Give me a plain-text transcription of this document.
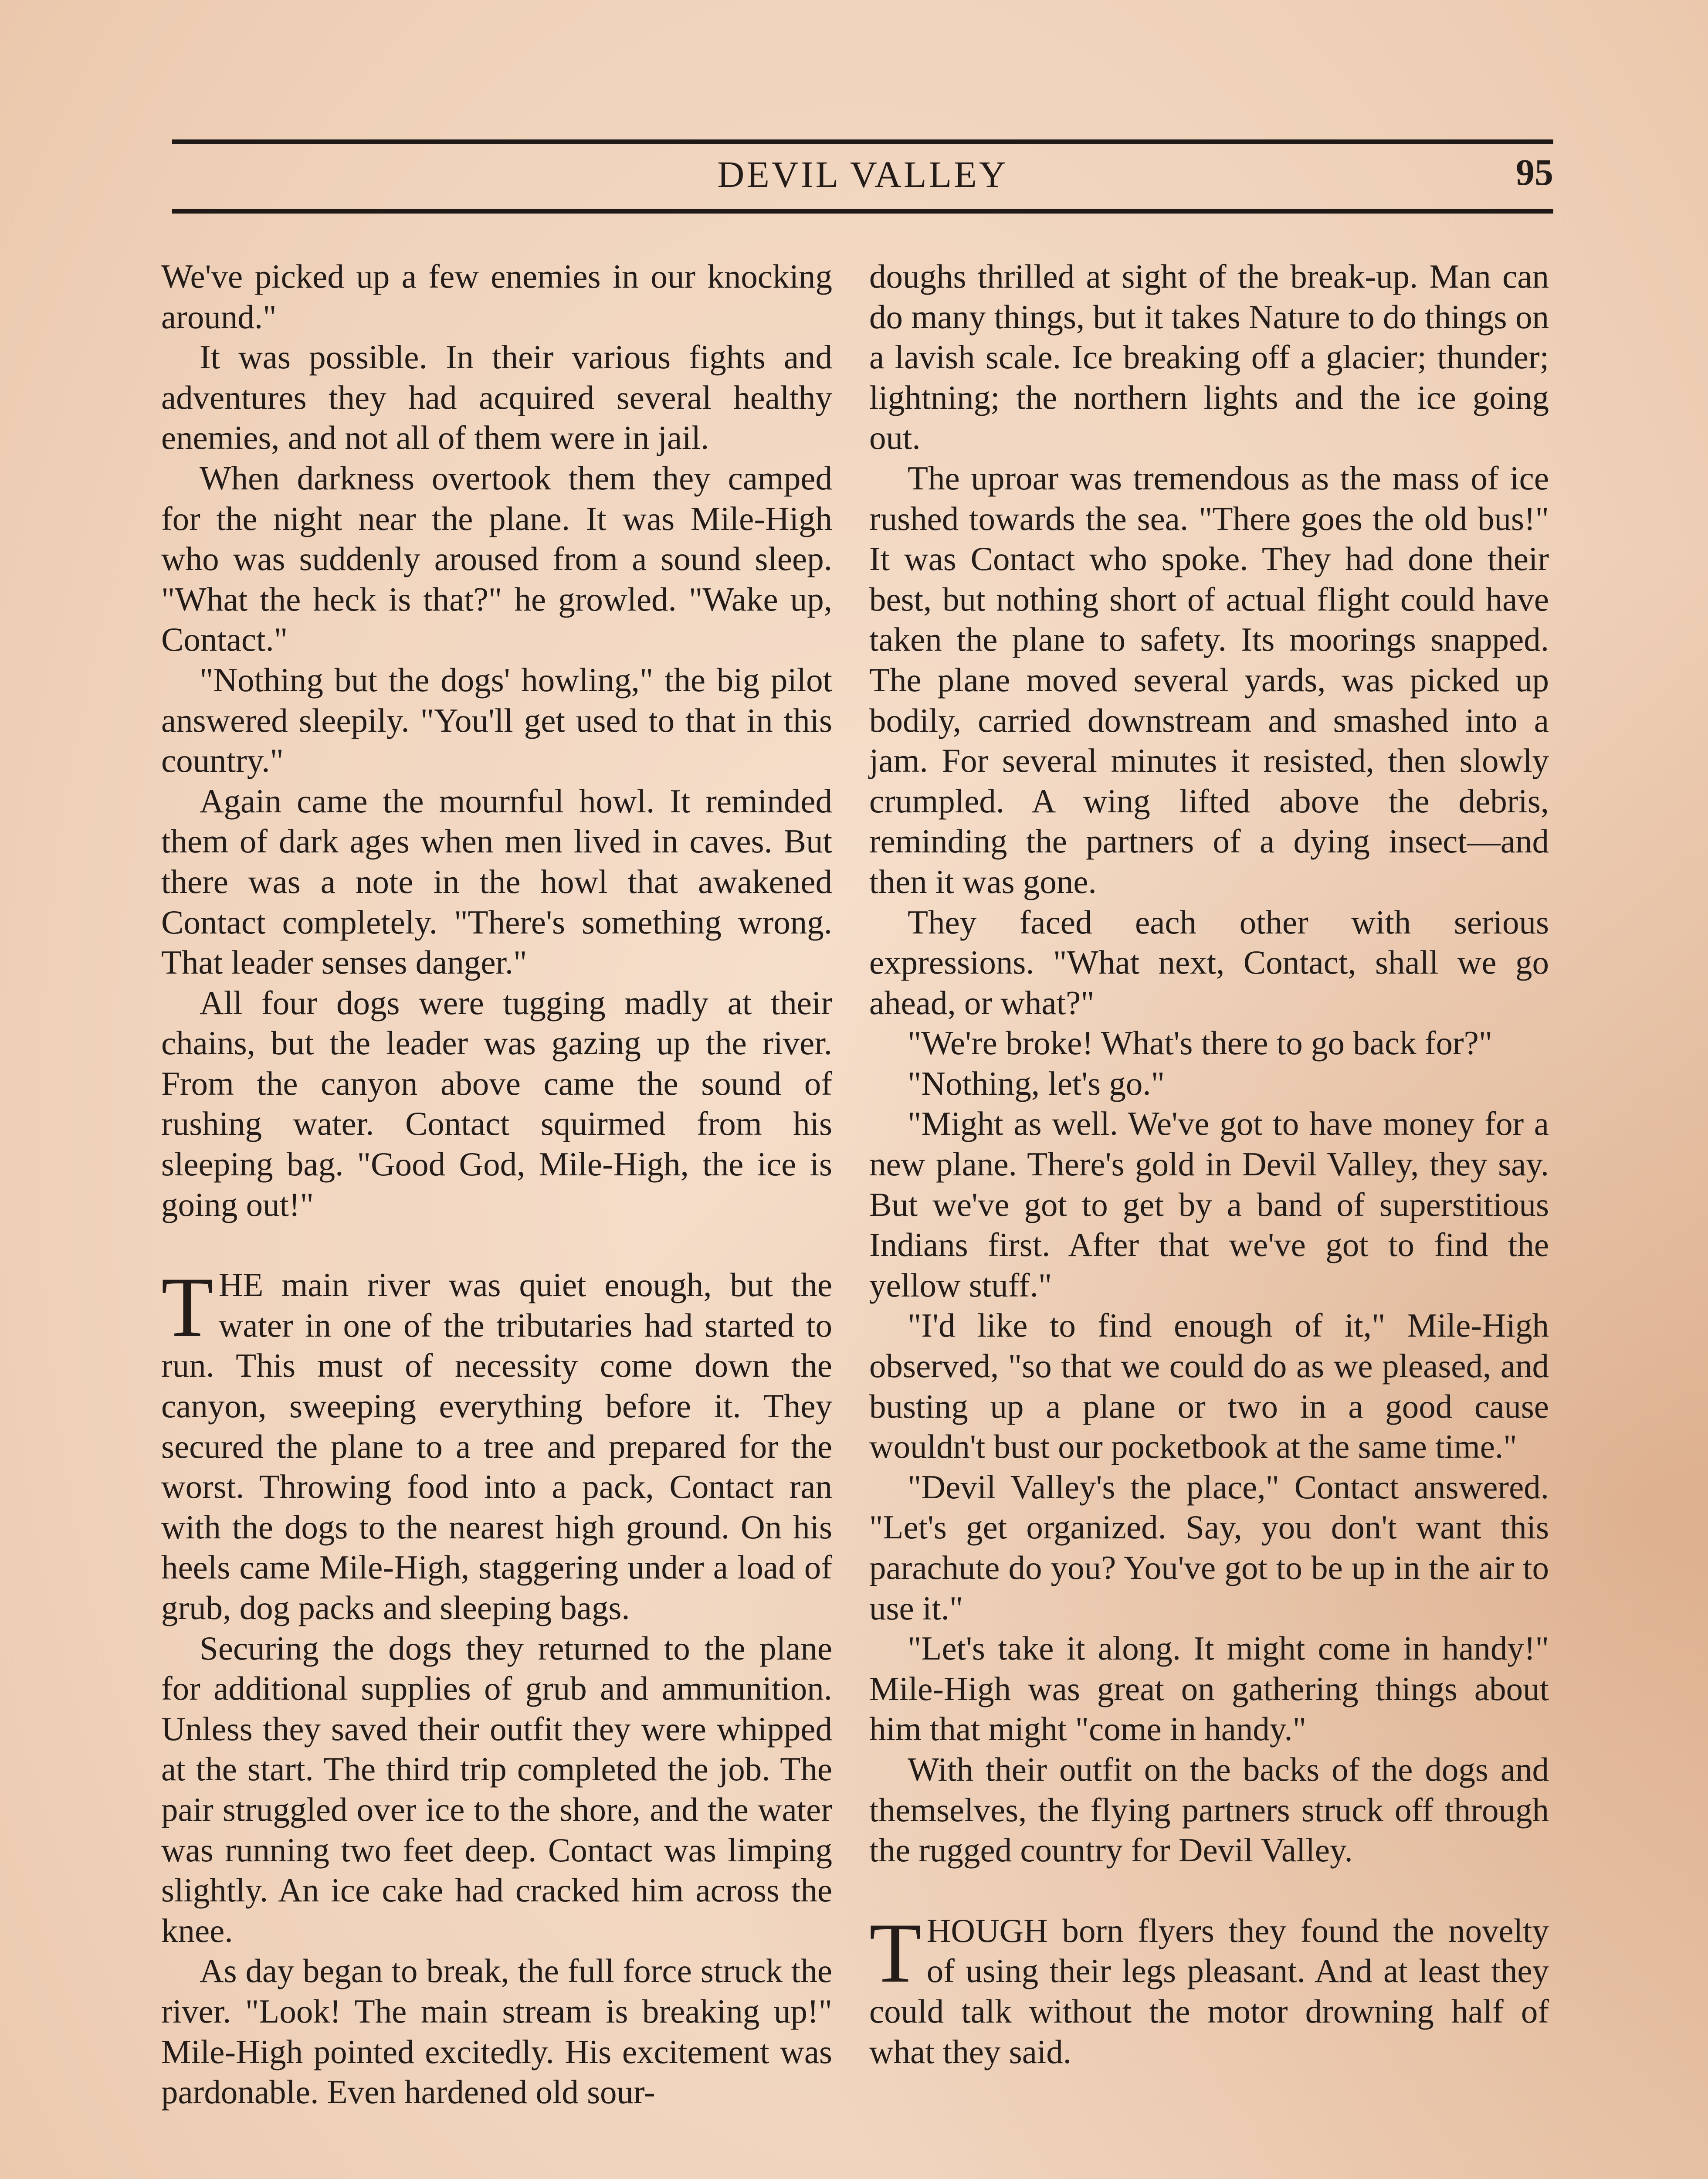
DEVIL VALLEY	95

We've picked up a few enemies in our knocking around."

It was possible. In their various fights and adventures they had acquired several healthy enemies, and not all of them were in jail.

When darkness overtook them they camped for the night near the plane. It was Mile-High who was suddenly aroused from a sound sleep. "What the heck is that?" he growled. "Wake up, Contact."

"Nothing but the dogs' howling," the big pilot answered sleepily. "You'll get used to that in this country."

Again came the mournful howl. It reminded them of dark ages when men lived in caves. But there was a note in the howl that awakened Contact completely. "There's something wrong. That leader senses danger."

All four dogs were tugging madly at their chains, but the leader was gazing up the river. From the canyon above came the sound of rushing water. Contact squirmed from his sleeping bag. "Good God, Mile-High, the ice is going out!"

THE main river was quiet enough, but the water in one of the tributaries had started to run. This must of necessity come down the canyon, sweeping everything before it. They secured the plane to a tree and prepared for the worst. Throwing food into a pack, Contact ran with the dogs to the nearest high ground. On his heels came Mile-High, staggering under a load of grub, dog packs and sleeping bags.

Securing the dogs they returned to the plane for additional supplies of grub and ammunition. Unless they saved their outfit they were whipped at the start. The third trip completed the job. The pair struggled over ice to the shore, and the water was running two feet deep. Contact was limping slightly. An ice cake had cracked him across the knee.

As day began to break, the full force struck the river. "Look! The main stream is breaking up!" Mile-High pointed excitedly. His excitement was pardonable. Even hardened old sour-

doughs thrilled at sight of the break-up. Man can do many things, but it takes Nature to do things on a lavish scale. Ice breaking off a glacier; thunder; lightning; the northern lights and the ice going out.

The uproar was tremendous as the mass of ice rushed towards the sea. "There goes the old bus!" It was Contact who spoke. They had done their best, but nothing short of actual flight could have taken the plane to safety. Its moorings snapped. The plane moved several yards, was picked up bodily, carried downstream and smashed into a jam. For several minutes it resisted, then slowly crumpled. A wing lifted above the debris, reminding the partners of a dying insect—and then it was gone.

They faced each other with serious expressions. "What next, Contact, shall we go ahead, or what?"

"We're broke! What's there to go back for?"

"Nothing, let's go."

"Might as well. We've got to have money for a new plane. There's gold in Devil Valley, they say. But we've got to get by a band of superstitious Indians first. After that we've got to find the yellow stuff."

"I'd like to find enough of it," Mile-High observed, "so that we could do as we pleased, and busting up a plane or two in a good cause wouldn't bust our pocketbook at the same time."

"Devil Valley's the place," Contact answered. "Let's get organized. Say, you don't want this parachute do you? You've got to be up in the air to use it."

"Let's take it along. It might come in handy!" Mile-High was great on gathering things about him that might "come in handy."

With their outfit on the backs of the dogs and themselves, the flying partners struck off through the rugged country for Devil Valley.

THOUGH born flyers they found the novelty of using their legs pleasant. And at least they could talk without the motor drowning half of what they said.
